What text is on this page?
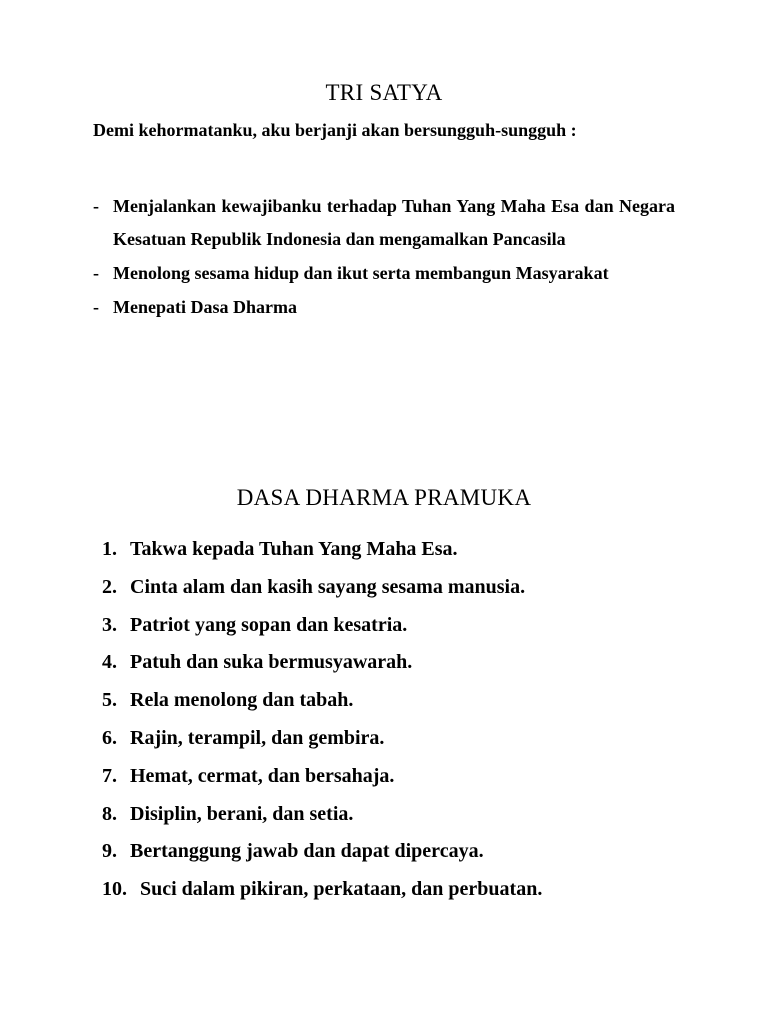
TRI SATYA
Demi kehormatanku, aku berjanji akan bersungguh-sungguh :
- Menjalankan kewajibanku terhadap Tuhan Yang Maha Esa dan Negara Kesatuan Republik Indonesia dan mengamalkan Pancasila
- Menolong sesama hidup dan ikut serta membangun Masyarakat
- Menepati Dasa Dharma
DASA DHARMA PRAMUKA
1. Takwa kepada Tuhan Yang Maha Esa.
2. Cinta alam dan kasih sayang sesama manusia.
3. Patriot yang sopan dan kesatria.
4. Patuh dan suka bermusyawarah.
5. Rela menolong dan tabah.
6. Rajin, terampil, dan gembira.
7. Hemat, cermat, dan bersahaja.
8. Disiplin, berani, dan setia.
9. Bertanggung jawab dan dapat dipercaya.
10. Suci dalam pikiran, perkataan, dan perbuatan.
